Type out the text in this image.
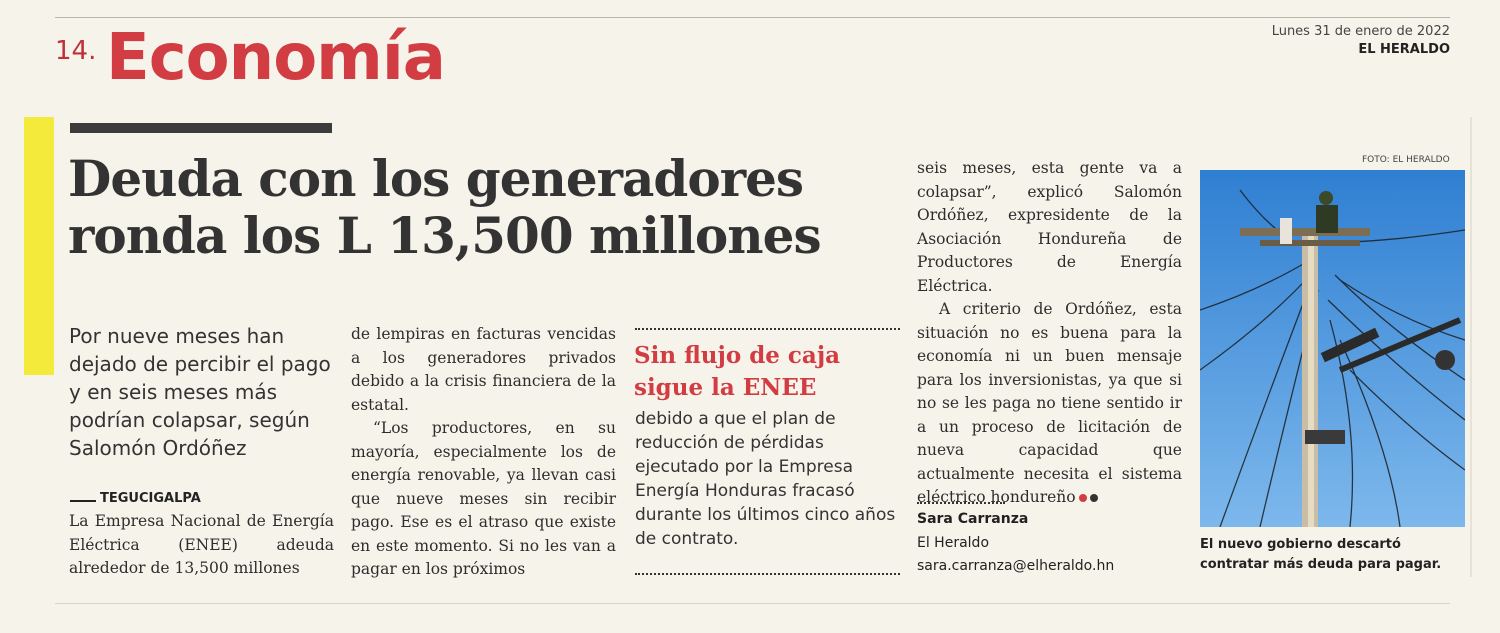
14. Economía	Lunes 31 de enero de 2022
EL HERALDO
Deuda con los generadores
ronda los L 13,500 millones
Por nueve meses han dejado de percibir el pago y en seis meses más podrían colapsar, según Salomón Ordóñez
TEGUCIGALPA

La Empresa Nacional de Energía Eléctrica (ENEE) adeuda alrededor de 13,500 millones

de lempiras en facturas vencidas a los generadores privados debido a la crisis financiera de la estatal.

“Los productores, en su mayoría, especialmente los de energía renovable, ya llevan casi que nueve meses sin recibir pago. Ese es el atraso que existe en este momento. Si no les van a pagar en los próximos

Sin flujo de caja sigue la ENEE
debido a que el plan de reducción de pérdidas ejecutado por la Empresa Energía Honduras fracasó durante los últimos cinco años de contrato.

seis meses, esta gente va a colapsar”, explicó Salomón Ordóñez, expresidente de la Asociación Hondureña de Productores de Energía Eléctrica.

A criterio de Ordóñez, esta situación no es buena para la economía ni un buen mensaje para los inversionistas, ya que si no se les paga no tiene sentido ir a un proceso de licitación de nueva capacidad que actualmente necesita el sistema eléctrico hondureño

Sara Carranza
El Heraldo
sara.carranza@elheraldo.hn
FOTO: EL HERALDO
El nuevo gobierno descartó contratar más deuda para pagar.
